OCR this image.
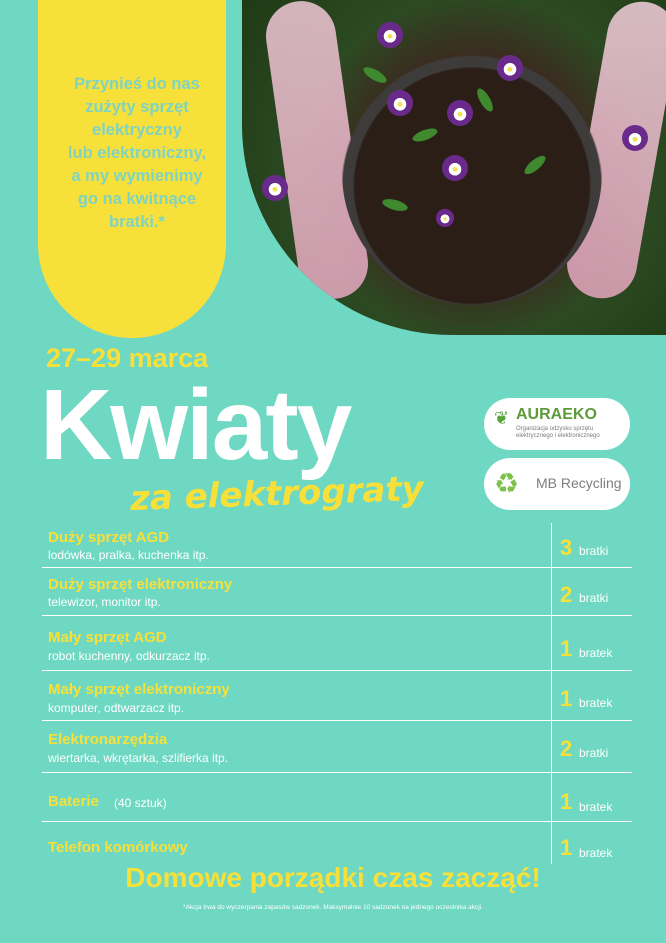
Przynieś do nas
zużyty sprzęt
elektryczny
lub elektroniczny,
a my wymienimy
go na kwitnące
bratki.*
27–29 marca
Kwiaty
za elektrograty
❦ AURAEKO
Organizacja odzysku sprzętu elektrycznego i elektronicznego
♻ MB Recycling
Duży sprzęt AGD
lodówka, pralka, kuchenka itp.	3 bratki
Duży sprzęt elektroniczny
telewizor, monitor itp.	2 bratki
Mały sprzęt AGD
robot kuchenny, odkurzacz itp.	1 bratek
Mały sprzęt elektroniczny
komputer, odtwarzacz itp.	1 bratek
Elektronarzędzia
wiertarka, wkrętarka, szlifierka itp.	2 bratki
Baterie (40 sztuk)	1 bratek
Telefon komórkowy	1 bratek
Domowe porządki czas zacząć!
*Akcja trwa do wyczerpania zapasów sadzonek. Maksymalnie 10 sadzonek na jednego uczestnika akcji.
